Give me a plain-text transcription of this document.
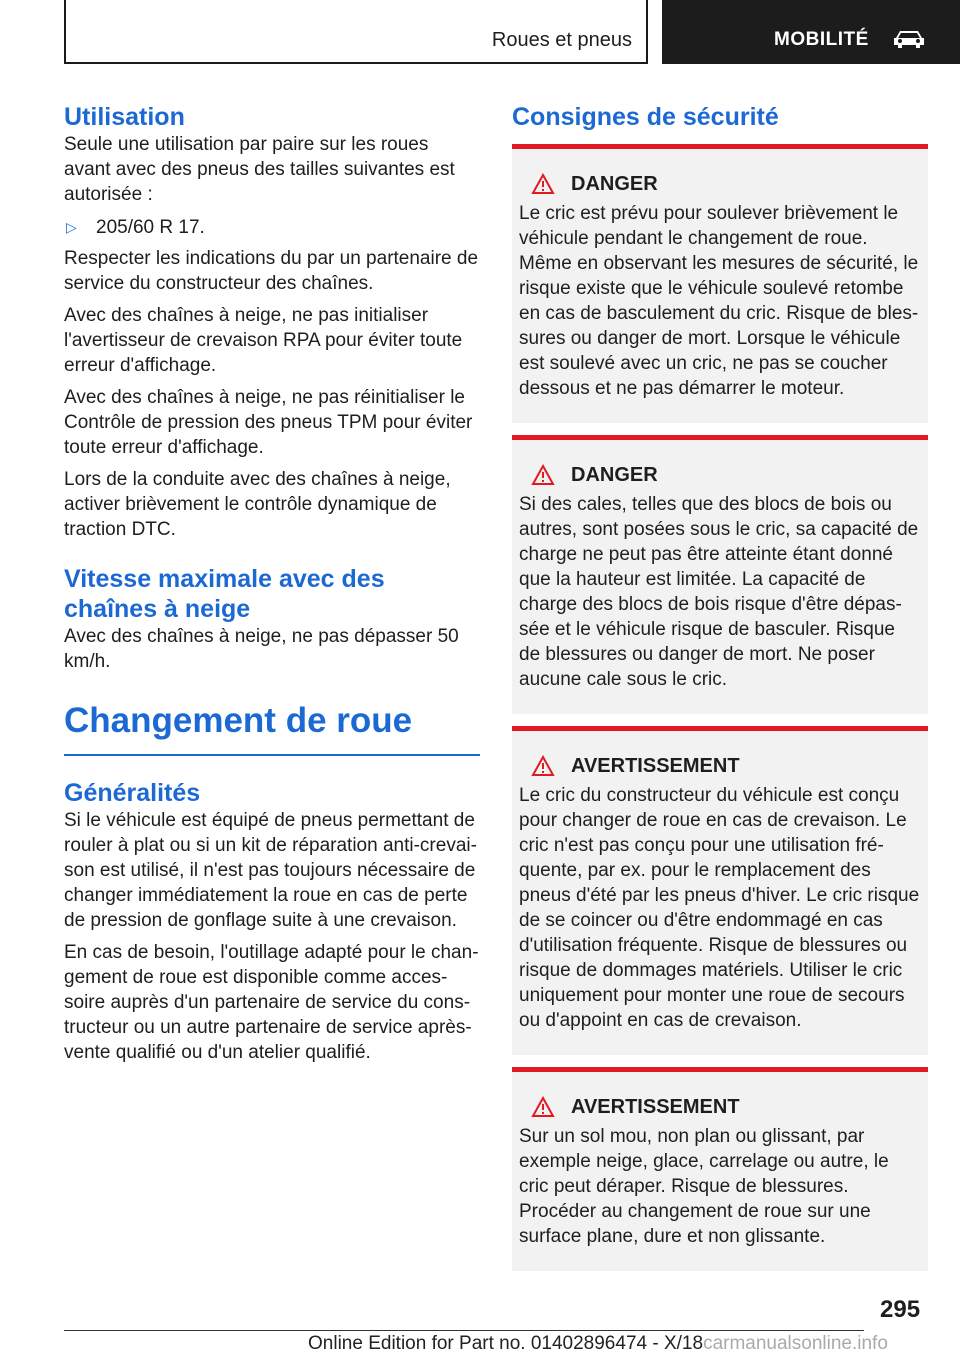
Roues et pneus	MOBILITÉ
Utilisation

Seule une utilisation par paire sur les roues avant avec des pneus des tailles suivantes est autorisée :

▷	205/60 R 17.

Respecter les indications du par un partenaire de service du constructeur des chaînes.

Avec des chaînes à neige, ne pas initialiser l'avertisseur de crevaison RPA pour éviter toute erreur d'affichage.

Avec des chaînes à neige, ne pas réinitialiser le Contrôle de pression des pneus TPM pour éviter toute erreur d'affichage.

Lors de la conduite avec des chaînes à neige, activer brièvement le contrôle dynamique de traction DTC.

Vitesse maximale avec des chaînes à neige

Avec des chaînes à neige, ne pas dépasser 50 km/h.

Changement de roue
Généralités

Si le véhicule est équipé de pneus permettant de rouler à plat ou si un kit de réparation anti-crevaison est utilisé, il n'est pas toujours nécessaire de changer immédiatement la roue en cas de perte de pression de gonflage suite à une crevaison.

En cas de besoin, l'outillage adapté pour le changement de roue est disponible comme accessoire auprès d'un partenaire de service du constructeur ou un autre partenaire de service après-vente qualifié ou d'un atelier qualifié.

Consignes de sécurité
DANGER

Le cric est prévu pour soulever brièvement le véhicule pendant le changement de roue. Même en observant les mesures de sécurité, le risque existe que le véhicule soulevé retombe en cas de basculement du cric. Risque de blessures ou danger de mort. Lorsque le véhicule est soulevé avec un cric, ne pas se coucher dessous et ne pas démarrer le moteur.

DANGER

Si des cales, telles que des blocs de bois ou autres, sont posées sous le cric, sa capacité de charge ne peut pas être atteinte étant donné que la hauteur est limitée. La capacité de charge des blocs de bois risque d'être dépassée et le véhicule risque de basculer. Risque de blessures ou danger de mort. Ne poser aucune cale sous le cric.

AVERTISSEMENT

Le cric du constructeur du véhicule est conçu pour changer de roue en cas de crevaison. Le cric n'est pas conçu pour une utilisation fréquente, par ex. pour le remplacement des pneus d'été par les pneus d'hiver. Le cric risque de se coincer ou d'être endommagé en cas d'utilisation fréquente. Risque de blessures ou risque de dommages matériels. Utiliser le cric uniquement pour monter une roue de secours ou d'appoint en cas de crevaison.

AVERTISSEMENT

Sur un sol mou, non plan ou glissant, par exemple neige, glace, carrelage ou autre, le cric peut déraper. Risque de blessures. Procéder au changement de roue sur une surface plane, dure et non glissante.

295
Online Edition for Part no. 01402896474 - X/18carmanualsonline.info
